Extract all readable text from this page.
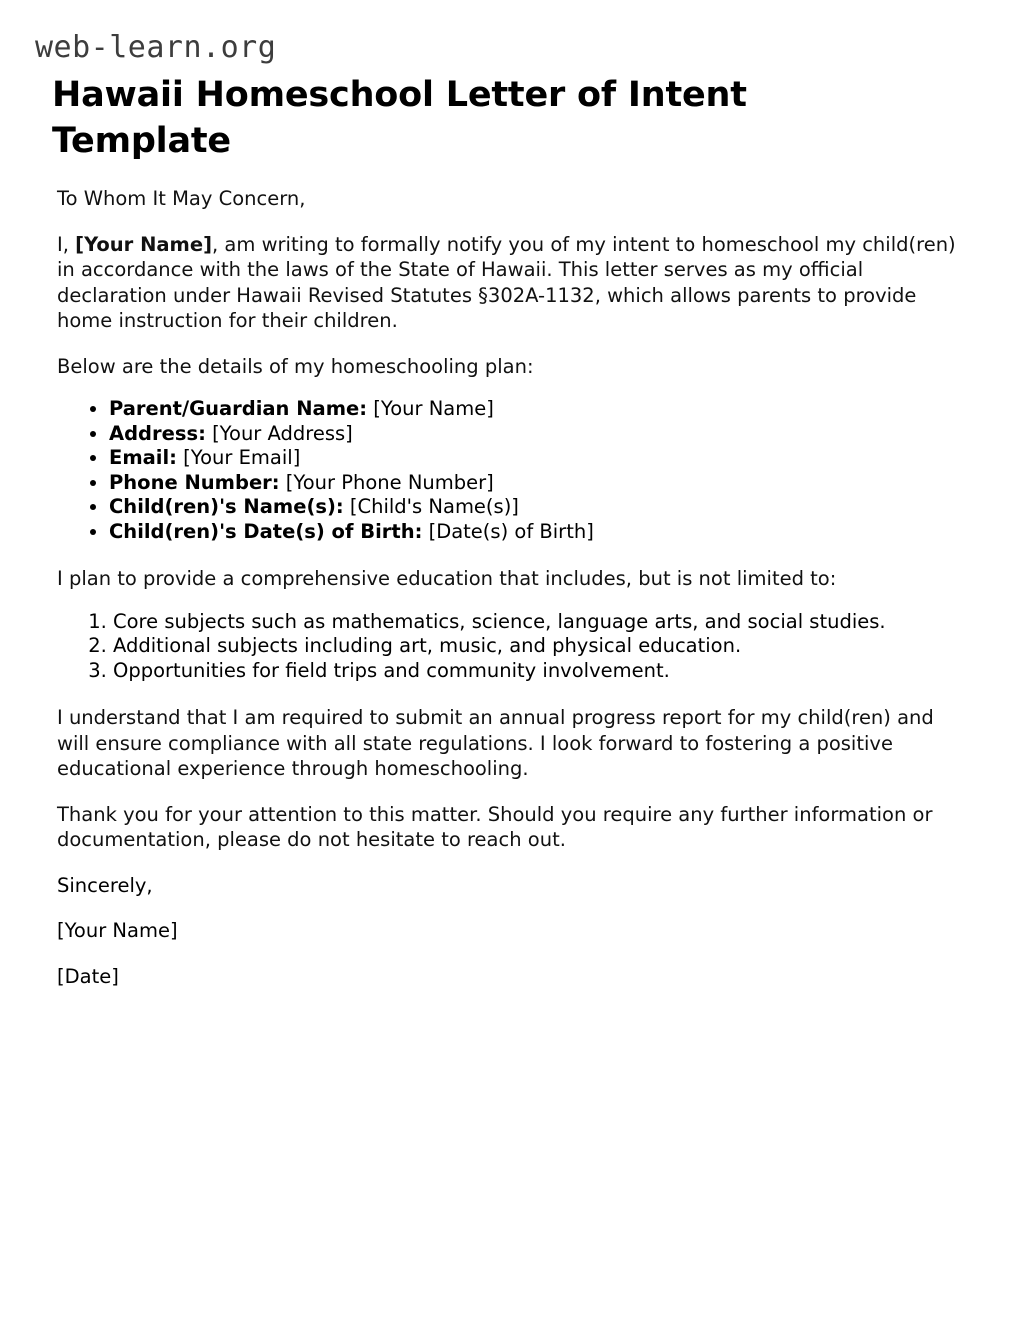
web-learn.org
Hawaii Homeschool Letter of Intent Template

To Whom It May Concern,

I, [Your Name], am writing to formally notify you of my intent to homeschool my child(ren) in accordance with the laws of the State of Hawaii. This letter serves as my official declaration under Hawaii Revised Statutes §302A-1132, which allows parents to provide home instruction for their children.

Below are the details of my homeschooling plan:

• Parent/Guardian Name: [Your Name]
• Address: [Your Address]
• Email: [Your Email]
• Phone Number: [Your Phone Number]
• Child(ren)'s Name(s): [Child's Name(s)]
• Child(ren)'s Date(s) of Birth: [Date(s) of Birth]

I plan to provide a comprehensive education that includes, but is not limited to:

1. Core subjects such as mathematics, science, language arts, and social studies.
2. Additional subjects including art, music, and physical education.
3. Opportunities for field trips and community involvement.

I understand that I am required to submit an annual progress report for my child(ren) and will ensure compliance with all state regulations. I look forward to fostering a positive educational experience through homeschooling.

Thank you for your attention to this matter. Should you require any further information or documentation, please do not hesitate to reach out.

Sincerely,

[Your Name]

[Date]
